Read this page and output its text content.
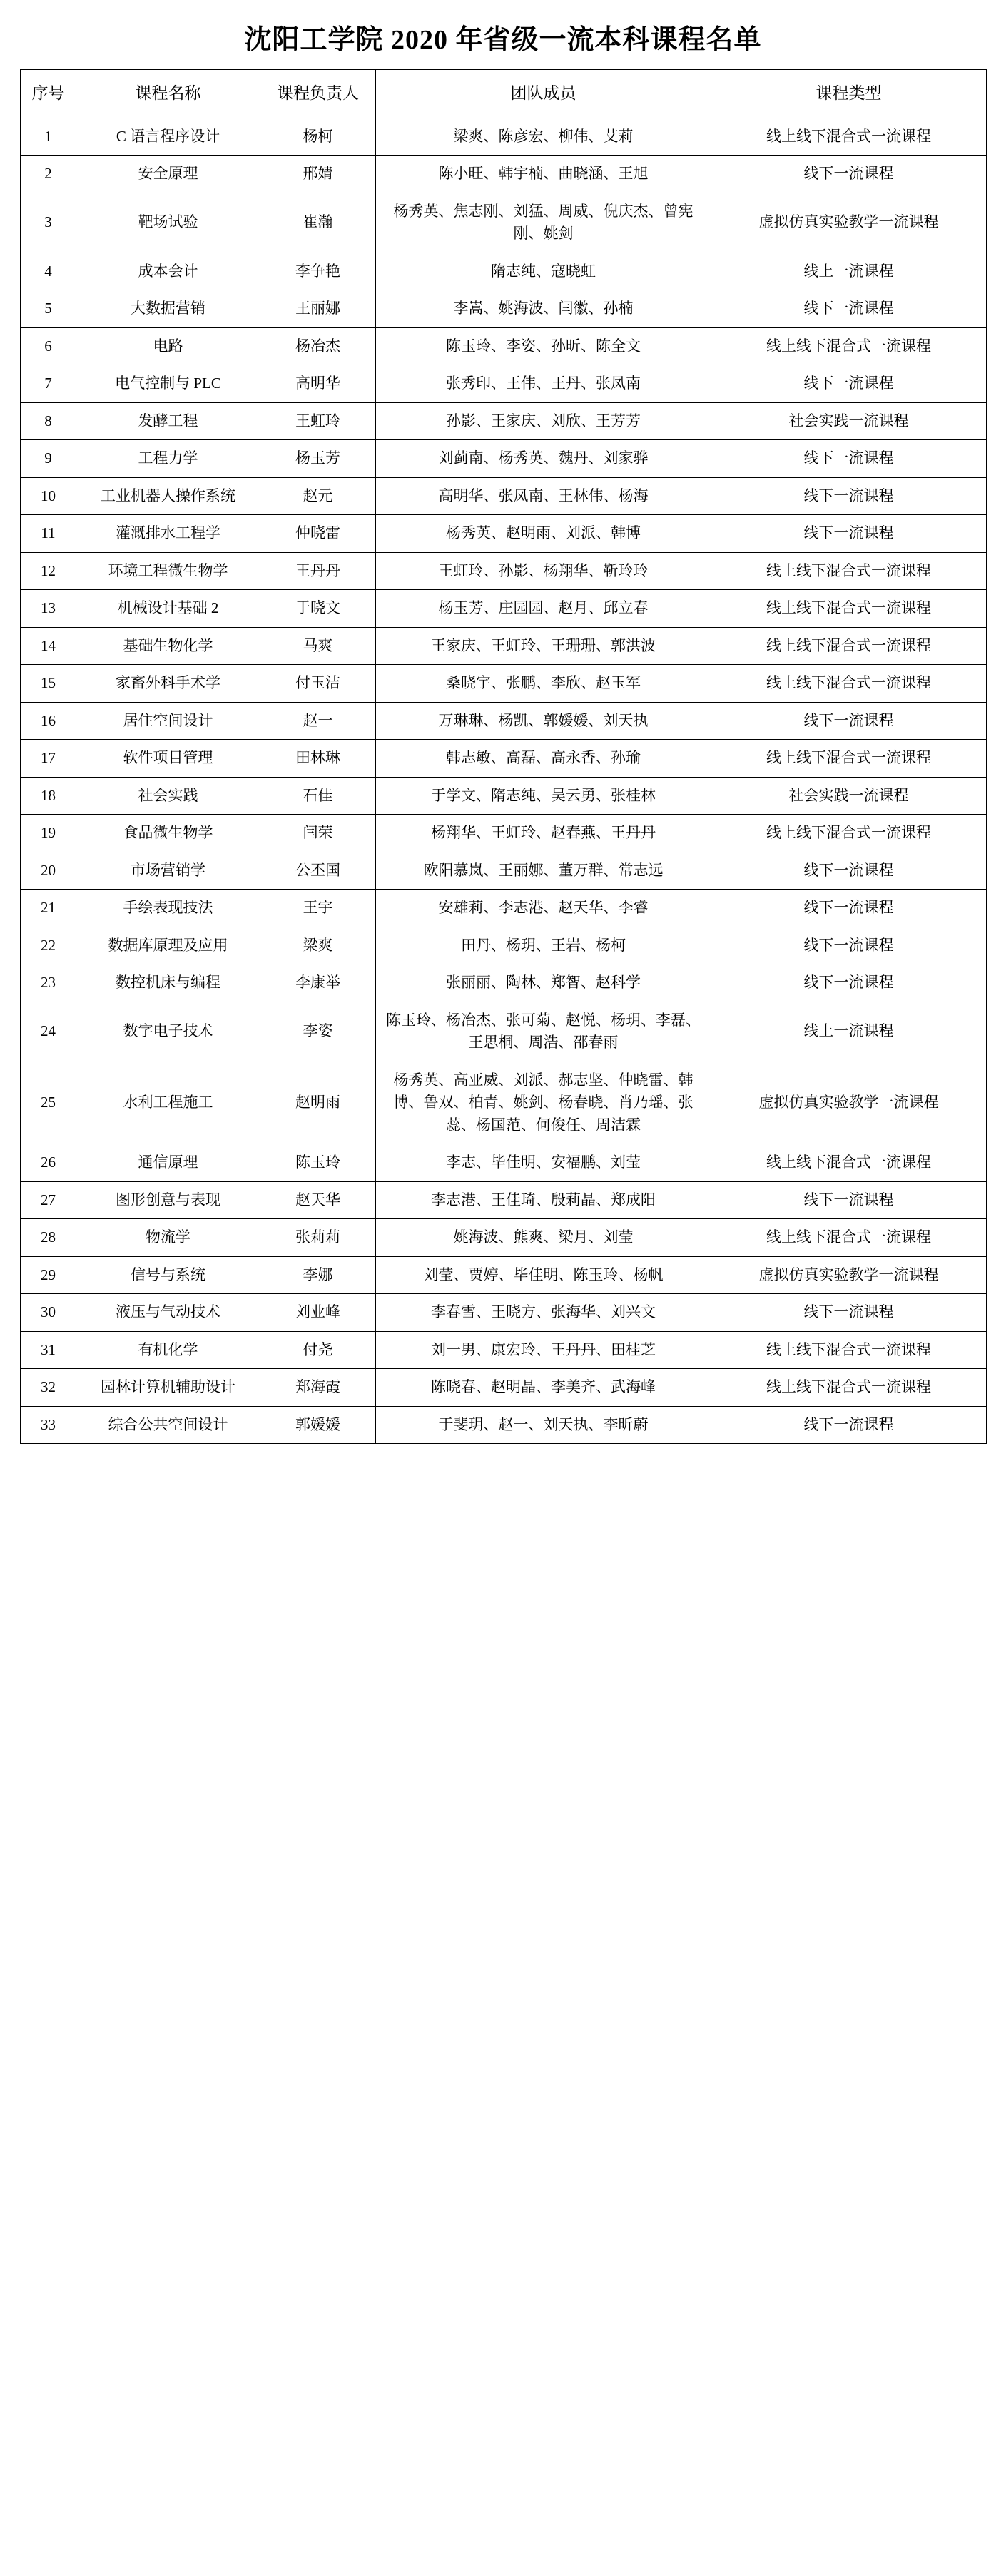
沈阳工学院 2020 年省级一流本科课程名单
序号	课程名称	课程负责人	团队成员	课程类型
1	C 语言程序设计	杨柯	梁爽、陈彦宏、柳伟、艾莉	线上线下混合式一流课程
2	安全原理	邢婧	陈小旺、韩宇楠、曲晓涵、王旭	线下一流课程
3	靶场试验	崔瀚	杨秀英、焦志刚、刘猛、周威、倪庆杰、曾宪刚、姚剑	虚拟仿真实验教学一流课程
4	成本会计	李争艳	隋志纯、寇晓虹	线上一流课程
5	大数据营销	王丽娜	李嵩、姚海波、闫徽、孙楠	线下一流课程
6	电路	杨冶杰	陈玉玲、李姿、孙昕、陈全文	线上线下混合式一流课程
7	电气控制与 PLC	高明华	张秀印、王伟、王丹、张凤南	线下一流课程
8	发酵工程	王虹玲	孙影、王家庆、刘欣、王芳芳	社会实践一流课程
9	工程力学	杨玉芳	刘蓟南、杨秀英、魏丹、刘家骅	线下一流课程
10	工业机器人操作系统	赵元	高明华、张凤南、王林伟、杨海	线下一流课程
11	灌溉排水工程学	仲晓雷	杨秀英、赵明雨、刘派、韩博	线下一流课程
12	环境工程微生物学	王丹丹	王虹玲、孙影、杨翔华、靳玲玲	线上线下混合式一流课程
13	机械设计基础 2	于晓文	杨玉芳、庄园园、赵月、邱立春	线上线下混合式一流课程
14	基础生物化学	马爽	王家庆、王虹玲、王珊珊、郭洪波	线上线下混合式一流课程
15	家畜外科手术学	付玉洁	桑晓宇、张鹏、李欣、赵玉军	线上线下混合式一流课程
16	居住空间设计	赵一	万琳琳、杨凯、郭媛媛、刘天执	线下一流课程
17	软件项目管理	田林琳	韩志敏、高磊、高永香、孙瑜	线上线下混合式一流课程
18	社会实践	石佳	于学文、隋志纯、吴云勇、张桂林	社会实践一流课程
19	食品微生物学	闫荣	杨翔华、王虹玲、赵春燕、王丹丹	线上线下混合式一流课程
20	市场营销学	公丕国	欧阳慕岚、王丽娜、董万群、常志远	线下一流课程
21	手绘表现技法	王宇	安雄莉、李志港、赵天华、李睿	线下一流课程
22	数据库原理及应用	梁爽	田丹、杨玥、王岩、杨柯	线下一流课程
23	数控机床与编程	李康举	张丽丽、陶林、郑智、赵科学	线下一流课程
24	数字电子技术	李姿	陈玉玲、杨冶杰、张可菊、赵悦、杨玥、李磊、王思桐、周浩、邵春雨	线上一流课程
25	水利工程施工	赵明雨	杨秀英、高亚威、刘派、郝志坚、仲晓雷、韩博、鲁双、柏青、姚剑、杨春晓、肖乃瑶、张蕊、杨国范、何俊任、周洁霖	虚拟仿真实验教学一流课程
26	通信原理	陈玉玲	李志、毕佳明、安福鹏、刘莹	线上线下混合式一流课程
27	图形创意与表现	赵天华	李志港、王佳琦、殷莉晶、郑成阳	线下一流课程
28	物流学	张莉莉	姚海波、熊爽、梁月、刘莹	线上线下混合式一流课程
29	信号与系统	李娜	刘莹、贾婷、毕佳明、陈玉玲、杨帆	虚拟仿真实验教学一流课程
30	液压与气动技术	刘业峰	李春雪、王晓方、张海华、刘兴文	线下一流课程
31	有机化学	付尧	刘一男、康宏玲、王丹丹、田桂芝	线上线下混合式一流课程
32	园林计算机辅助设计	郑海霞	陈晓春、赵明晶、李美齐、武海峰	线上线下混合式一流课程
33	综合公共空间设计	郭媛媛	于斐玥、赵一、刘天执、李昕蔚	线下一流课程
